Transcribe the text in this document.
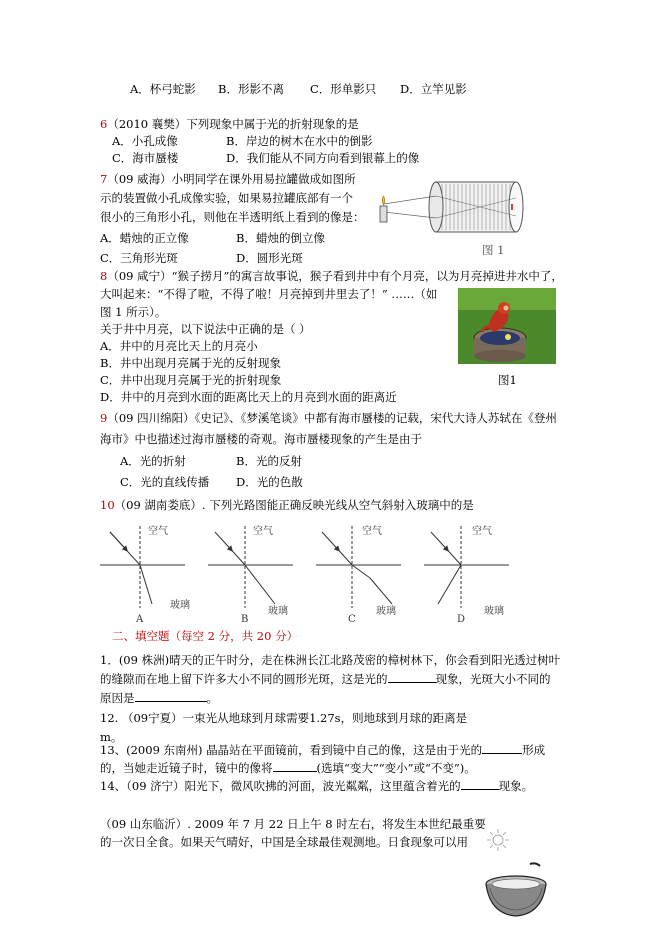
A．杯弓蛇影 B．形影不离 C．形单影只 D．立竿见影
6（2010 襄樊）下列现象中属于光的折射现象的是
A．小孔成像	B．岸边的树木在水中的倒影
C．海市蜃楼	D．我们能从不同方向看到银幕上的像
7（09 威海）小明同学在课外用易拉罐做成如图所
示的装置做小孔成像实验，如果易拉罐底部有一个
很小的三角形小孔，则他在半透明纸上看到的像是：
A．蜡烛的正立像	B．蜡烛的倒立像
C．三角形光斑	D．圆形光斑
图 1
8（09 咸宁）“猴子捞月”的寓言故事说，猴子看到井中有个月亮，以为月亮掉进井水中了，
大叫起来：“不得了啦，不得了啦！月亮掉到井里去了！” ……（如
图 1 所示）。
关于井中月亮，以下说法中正确的是（ ）
A．井中的月亮比天上的月亮小
B．井中出现月亮属于光的反射现象
C．井中出现月亮属于光的折射现象
D．井中的月亮到水面的距离比天上的月亮到水面的距离近
图1
9（09 四川绵阳）《史记》、《梦溪笔谈》中都有海市蜃楼的记载，宋代大诗人苏轼在《登州
海市》中也描述过海市蜃楼的奇观。海市蜃楼现象的产生是由于
A．光的折射	B．光的反射
C．光的直线传播 D．光的色散
10（09 湖南娄底）. 下列光路图能正确反映光线从空气斜射入玻璃中的是
空气
A
玻璃
空气
B
玻璃
空气
C
玻璃
空气
D
玻璃
二、填空题（每空 2 分，共 20 分）
1．(09 株洲)晴天的正午时分，走在株洲长江北路茂密的樟树林下，你会看到阳光透过树叶
的缝隙而在地上留下许多大小不同的圆形光斑，这是光的	现象，光斑大小不同的
原因是	。
12. （09宁夏）一束光从地球到月球需要1.27s，则地球到月球的距离是
m。
13、(2009 东南州) 晶晶站在平面镜前，看到镜中自己的像，这是由于光的	形成
的，当她走近镜子时，镜中的像将	(选填“变大”“变小”或“不变”)。
14、（09 济宁）阳光下，微风吹拂的河面，波光粼粼，这里蕴含着光的	现象。
（09 山东临沂）. 2009 年 7 月 22 日上午 8 时左右，将发生本世纪最重要
的一次日全食。如果天气晴好，中国是全球最佳观测地。日食现象可以用
